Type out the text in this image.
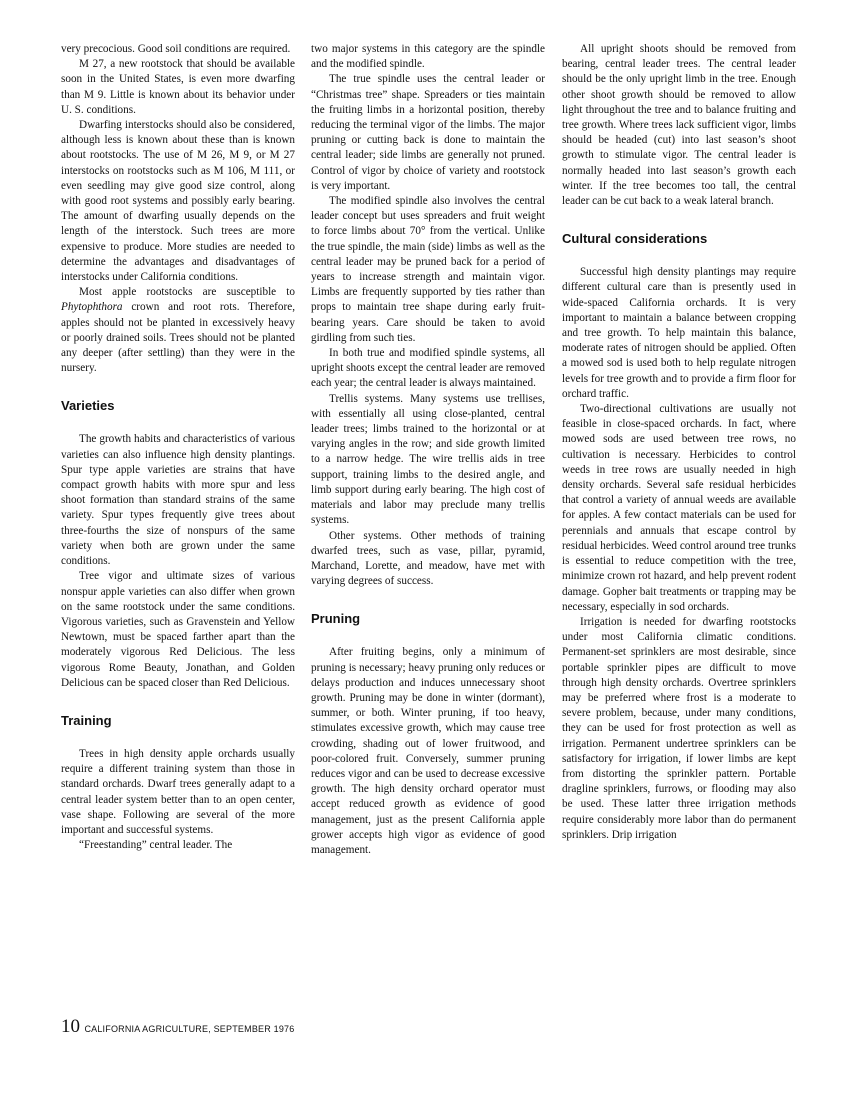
very precocious. Good soil conditions are required.

M 27, a new rootstock that should be available soon in the United States, is even more dwarfing than M 9. Little is known about its behavior under U. S. conditions.

Dwarfing interstocks should also be considered, although less is known about these than is known about rootstocks. The use of M 26, M 9, or M 27 interstocks on rootstocks such as M 106, M 111, or even seedling may give good size control, along with good root systems and possibly early bearing. The amount of dwarfing usually depends on the length of the interstock. Such trees are more expensive to produce. More studies are needed to determine the advantages and disadvantages of interstocks under California conditions.

Most apple rootstocks are susceptible to Phytophthora crown and root rots. Therefore, apples should not be planted in excessively heavy or poorly drained soils. Trees should not be planted any deeper (after settling) than they were in the nursery.

Varieties

The growth habits and characteristics of various varieties can also influence high density plantings. Spur type apple varieties are strains that have compact growth habits with more spur and less shoot formation than standard strains of the same variety. Spur types frequently give trees about three-fourths the size of nonspurs of the same variety when both are grown under the same conditions.

Tree vigor and ultimate sizes of various nonspur apple varieties can also differ when grown on the same rootstock under the same conditions. Vigorous varieties, such as Gravenstein and Yellow Newtown, must be spaced farther apart than the moderately vigorous Red Delicious. The less vigorous Rome Beauty, Jonathan, and Golden Delicious can be spaced closer than Red Delicious.

Training

Trees in high density apple orchards usually require a different training system than those in standard orchards. Dwarf trees generally adapt to a central leader system better than to an open center, vase shape. Following are several of the more important and successful systems.

“Freestanding” central leader. The

two major systems in this category are the spindle and the modified spindle.

The true spindle uses the central leader or “Christmas tree” shape. Spreaders or ties maintain the fruiting limbs in a horizontal position, thereby reducing the terminal vigor of the limbs. The major pruning or cutting back is done to maintain the central leader; side limbs are generally not pruned. Control of vigor by choice of variety and rootstock is very important.

The modified spindle also involves the central leader concept but uses spreaders and fruit weight to force limbs about 70° from the vertical. Unlike the true spindle, the main (side) limbs as well as the central leader may be pruned back for a period of years to increase strength and maintain vigor. Limbs are frequently supported by ties rather than props to maintain tree shape during early fruit-bearing years. Care should be taken to avoid girdling from such ties.

In both true and modified spindle systems, all upright shoots except the central leader are removed each year; the central leader is always maintained.

Trellis systems. Many systems use trellises, with essentially all using close-planted, central leader trees; limbs trained to the horizontal or at varying angles in the row; and side growth limited to a narrow hedge. The wire trellis aids in tree support, training limbs to the desired angle, and limb support during early bearing. The high cost of materials and labor may preclude many trellis systems.

Other systems. Other methods of training dwarfed trees, such as vase, pillar, pyramid, Marchand, Lorette, and meadow, have met with varying degrees of success.

Pruning

After fruiting begins, only a minimum of pruning is necessary; heavy pruning only reduces or delays production and induces unnecessary shoot growth. Pruning may be done in winter (dormant), summer, or both. Winter pruning, if too heavy, stimulates excessive growth, which may cause tree crowding, shading out of lower fruitwood, and poor-colored fruit. Conversely, summer pruning reduces vigor and can be used to decrease excessive growth. The high density orchard operator must accept reduced growth as evidence of good management, just as the present California apple grower accepts high vigor as evidence of good management.

All upright shoots should be removed from bearing, central leader trees. The central leader should be the only upright limb in the tree. Enough other shoot growth should be removed to allow light throughout the tree and to balance fruiting and tree growth. Where trees lack sufficient vigor, limbs should be headed (cut) into last season’s shoot growth to stimulate vigor. The central leader is normally headed into last season’s growth each winter. If the tree becomes too tall, the central leader can be cut back to a weak lateral branch.

Cultural considerations

Successful high density plantings may require different cultural care than is presently used in wide-spaced California orchards. It is very important to maintain a balance between cropping and tree growth. To help maintain this balance, moderate rates of nitrogen should be applied. Often a mowed sod is used both to help regulate nitrogen levels for tree growth and to provide a firm floor for orchard traffic.

Two-directional cultivations are usually not feasible in close-spaced orchards. In fact, where mowed sods are used between tree rows, no cultivation is necessary. Herbicides to control weeds in tree rows are usually needed in high density orchards. Several safe residual herbicides that control a variety of annual weeds are available for apples. A few contact materials can be used for perennials and annuals that escape control by residual herbicides. Weed control around tree trunks is essential to reduce competition with the tree, minimize crown rot hazard, and help prevent rodent damage. Gopher bait treatments or trapping may be necessary, especially in sod orchards.

Irrigation is needed for dwarfing rootstocks under most California climatic conditions. Permanent-set sprinklers are most desirable, since portable sprinkler pipes are difficult to move through high density orchards. Overtree sprinklers may be preferred where frost is a moderate to severe problem, because, under many conditions, they can be used for frost protection as well as irrigation. Permanent undertree sprinklers can be satisfactory for irrigation, if lower limbs are kept from distorting the sprinkler pattern. Portable dragline sprinklers, furrows, or flooding may also be used. These latter three irrigation methods require considerably more labor than do permanent sprinklers. Drip irrigation

10 CALIFORNIA AGRICULTURE, SEPTEMBER 1976
